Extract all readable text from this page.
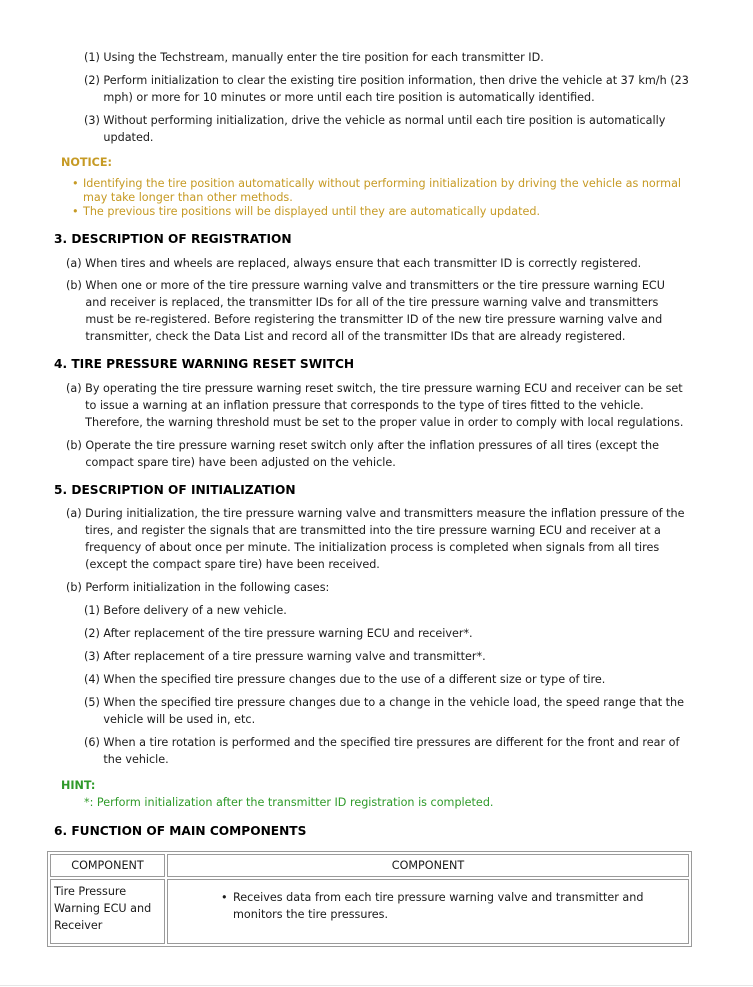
(1) Using the Techstream, manually enter the tire position for each transmitter ID.
(2) Perform initialization to clear the existing tire position information, then drive the vehicle at 37 km/h (23 mph) or more for 10 minutes or more until each tire position is automatically identified.
(3) Without performing initialization, drive the vehicle as normal until each tire position is automatically updated.
NOTICE:
• Identifying the tire position automatically without performing initialization by driving the vehicle as normal may take longer than other methods.
• The previous tire positions will be displayed until they are automatically updated.
3. DESCRIPTION OF REGISTRATION
(a) When tires and wheels are replaced, always ensure that each transmitter ID is correctly registered.
(b) When one or more of the tire pressure warning valve and transmitters or the tire pressure warning ECU and receiver is replaced, the transmitter IDs for all of the tire pressure warning valve and transmitters must be re-registered. Before registering the transmitter ID of the new tire pressure warning valve and transmitter, check the Data List and record all of the transmitter IDs that are already registered.
4. TIRE PRESSURE WARNING RESET SWITCH
(a) By operating the tire pressure warning reset switch, the tire pressure warning ECU and receiver can be set to issue a warning at an inflation pressure that corresponds to the type of tires fitted to the vehicle. Therefore, the warning threshold must be set to the proper value in order to comply with local regulations.
(b) Operate the tire pressure warning reset switch only after the inflation pressures of all tires (except the compact spare tire) have been adjusted on the vehicle.
5. DESCRIPTION OF INITIALIZATION
(a) During initialization, the tire pressure warning valve and transmitters measure the inflation pressure of the tires, and register the signals that are transmitted into the tire pressure warning ECU and receiver at a frequency of about once per minute. The initialization process is completed when signals from all tires (except the compact spare tire) have been received.
(b) Perform initialization in the following cases:
(1) Before delivery of a new vehicle.
(2) After replacement of the tire pressure warning ECU and receiver*.
(3) After replacement of a tire pressure warning valve and transmitter*.
(4) When the specified tire pressure changes due to the use of a different size or type of tire.
(5) When the specified tire pressure changes due to a change in the vehicle load, the speed range that the vehicle will be used in, etc.
(6) When a tire rotation is performed and the specified tire pressures are different for the front and rear of the vehicle.
HINT:
*: Perform initialization after the transmitter ID registration is completed.
6. FUNCTION OF MAIN COMPONENTS
COMPONENT	COMPONENT
Tire Pressure Warning ECU and Receiver	• Receives data from each tire pressure warning valve and transmitter and monitors the tire pressures.
